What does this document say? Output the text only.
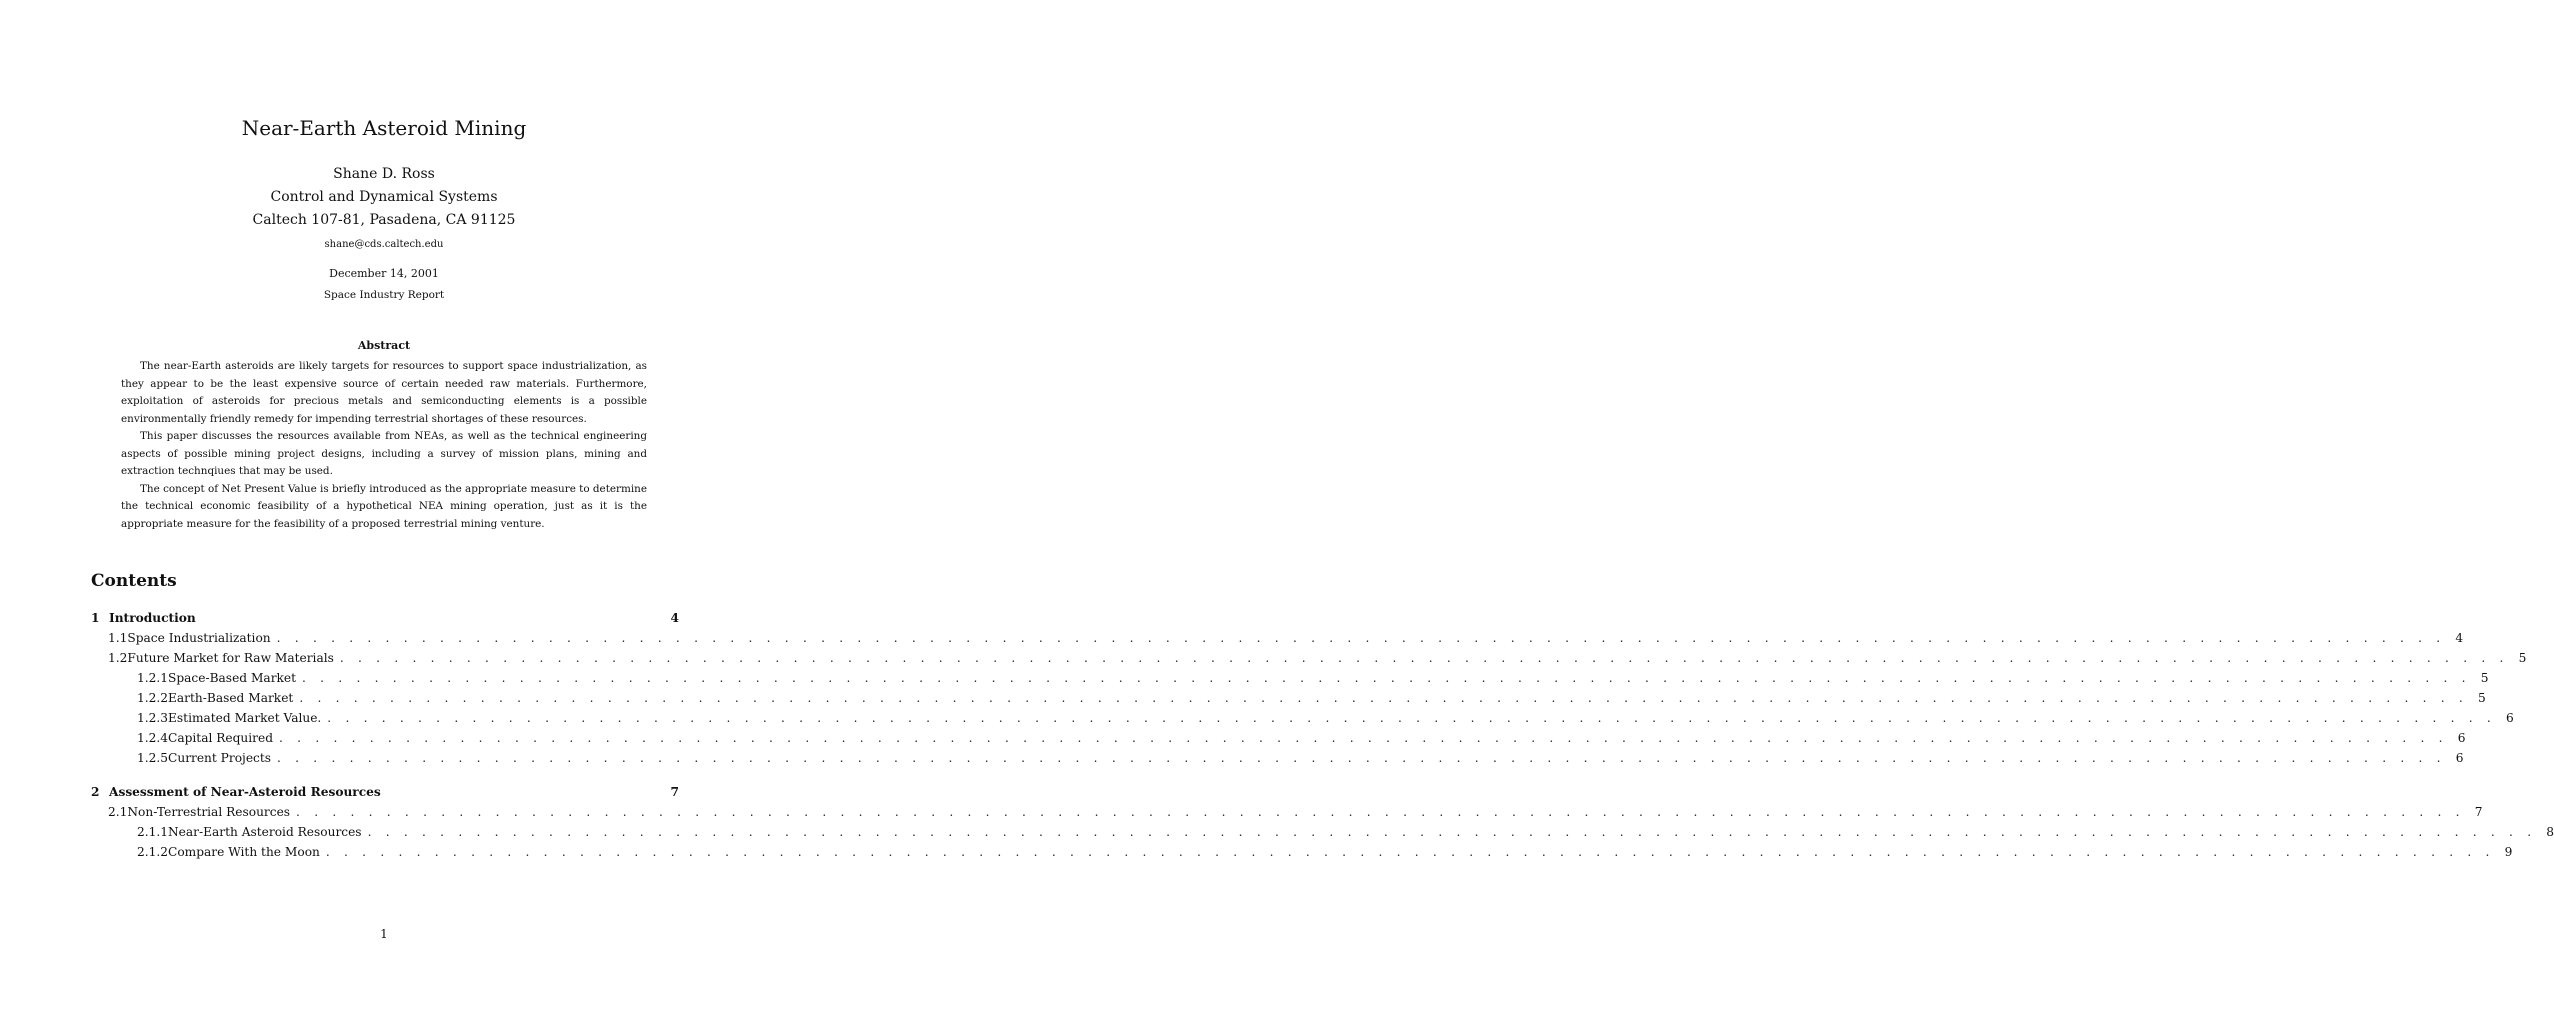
Near-Earth Asteroid Mining
Shane D. Ross
Control and Dynamical Systems
Caltech 107-81, Pasadena, CA 91125
shane@cds.caltech.edu
December 14, 2001
Space Industry Report
Abstract

The near-Earth asteroids are likely targets for resources to support space industrialization, as they appear to be the least expensive source of certain needed raw materials. Furthermore, exploitation of asteroids for precious metals and semiconducting elements is a possible environmentally friendly remedy for impending terrestrial shortages of these resources.

This paper discusses the resources available from NEAs, as well as the technical engineering aspects of possible mining project designs, including a survey of mission plans, mining and extraction technqiues that may be used.

The concept of Net Present Value is briefly introduced as the appropriate measure to determine the technical economic feasibility of a hypothetical NEA mining operation, just as it is the appropriate measure for the feasibility of a proposed terrestrial mining venture.

Contents
1 Introduction	4
1.1 Space Industrialization . . . . . . . . . . . . . . . . . . . . . . . . . . . . . . . . . . . . . . . . . . . . . . . . . . . . . . . . . . . . . . . . . . . . . . . . . . . . . . . . . . . . . . . . . . . . . . . . . . . . . . . . . . . . . . . . . . . . . . . . 4
1.2 Future Market for Raw Materials . . . . . . . . . . . . . . . . . . . . . . . . . . . . . . . . . . . . . . . . . . . . . . . . . . . . . . . . . . . . . . . . . . . . . . . . . . . . . . . . . . . . . . . . . . . . . . . . . . . . . . . . . . . . . . . . . . . . . . . . 5
1.2.1 Space-Based Market . . . . . . . . . . . . . . . . . . . . . . . . . . . . . . . . . . . . . . . . . . . . . . . . . . . . . . . . . . . . . . . . . . . . . . . . . . . . . . . . . . . . . . . . . . . . . . . . . . . . . . . . . . . . . . . . . . . . . . . . 5
1.2.2 Earth-Based Market . . . . . . . . . . . . . . . . . . . . . . . . . . . . . . . . . . . . . . . . . . . . . . . . . . . . . . . . . . . . . . . . . . . . . . . . . . . . . . . . . . . . . . . . . . . . . . . . . . . . . . . . . . . . . . . . . . . . . . . . 5
1.2.3 Estimated Market Value. . . . . . . . . . . . . . . . . . . . . . . . . . . . . . . . . . . . . . . . . . . . . . . . . . . . . . . . . . . . . . . . . . . . . . . . . . . . . . . . . . . . . . . . . . . . . . . . . . . . . . . . . . . . . . . . . . . . . . . . . 6
1.2.4 Capital Required . . . . . . . . . . . . . . . . . . . . . . . . . . . . . . . . . . . . . . . . . . . . . . . . . . . . . . . . . . . . . . . . . . . . . . . . . . . . . . . . . . . . . . . . . . . . . . . . . . . . . . . . . . . . . . . . . . . . . . . . 6
1.2.5 Current Projects . . . . . . . . . . . . . . . . . . . . . . . . . . . . . . . . . . . . . . . . . . . . . . . . . . . . . . . . . . . . . . . . . . . . . . . . . . . . . . . . . . . . . . . . . . . . . . . . . . . . . . . . . . . . . . . . . . . . . . . . 6
2 Assessment of Near-Asteroid Resources	7
2.1 Non-Terrestrial Resources . . . . . . . . . . . . . . . . . . . . . . . . . . . . . . . . . . . . . . . . . . . . . . . . . . . . . . . . . . . . . . . . . . . . . . . . . . . . . . . . . . . . . . . . . . . . . . . . . . . . . . . . . . . . . . . . . . . . . . . . 7
2.1.1 Near-Earth Asteroid Resources . . . . . . . . . . . . . . . . . . . . . . . . . . . . . . . . . . . . . . . . . . . . . . . . . . . . . . . . . . . . . . . . . . . . . . . . . . . . . . . . . . . . . . . . . . . . . . . . . . . . . . . . . . . . . . . . . . . . . . . . 8
2.1.2 Compare With the Moon . . . . . . . . . . . . . . . . . . . . . . . . . . . . . . . . . . . . . . . . . . . . . . . . . . . . . . . . . . . . . . . . . . . . . . . . . . . . . . . . . . . . . . . . . . . . . . . . . . . . . . . . . . . . . . . . . . . . . . . . 9
1
